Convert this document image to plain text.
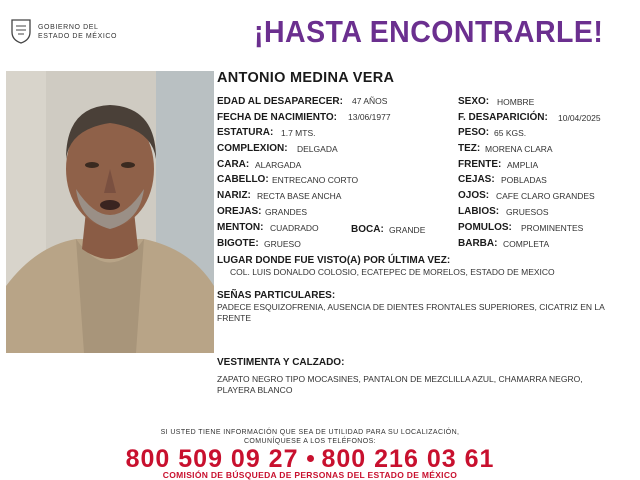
GOBIERNO DEL
ESTADO DE MÉXICO	¡HASTA ENCONTRARLE!
ANTONIO MEDINA VERA
EDAD AL DESAPARECER: 47 AÑOS
FECHA DE NACIMIENTO: 13/06/1977
ESTATURA: 1.7 MTS.
COMPLEXION: DELGADA
CARA: ALARGADA
CABELLO: ENTRECANO CORTO
NARIZ: RECTA BASE ANCHA
OREJAS: GRANDES
MENTON: CUADRADO	BOCA: GRANDE
BIGOTE: GRUESO
SEXO: HOMBRE
F. DESAPARICIÓN: 10/04/2025
PESO: 65 KGS.
TEZ: MORENA CLARA
FRENTE: AMPLIA
CEJAS: POBLADAS
OJOS: CAFE CLARO GRANDES
LABIOS: GRUESOS
POMULOS: PROMINENTES
BARBA: COMPLETA
LUGAR DONDE FUE VISTO(A) POR ÚLTIMA VEZ:
COL. LUIS DONALDO COLOSIO, ECATEPEC DE MORELOS, ESTADO DE MEXICO
SEÑAS PARTICULARES:
PADECE ESQUIZOFRENIA, AUSENCIA DE DIENTES FRONTALES SUPERIORES, CICATRIZ EN LA FRENTE
VESTIMENTA Y CALZADO:
ZAPATO NEGRO TIPO MOCASINES, PANTALON DE MEZCLILLA AZUL, CHAMARRA NEGRO, PLAYERA BLANCO
SI USTED TIENE INFORMACIÓN QUE SEA DE UTILIDAD PARA SU LOCALIZACIÓN,
COMUNÍQUESE A LOS TELÉFONOS:
800 509 09 27 800 216 03 61
COMISIÓN DE BÚSQUEDA DE PERSONAS DEL ESTADO DE MÉXICO
